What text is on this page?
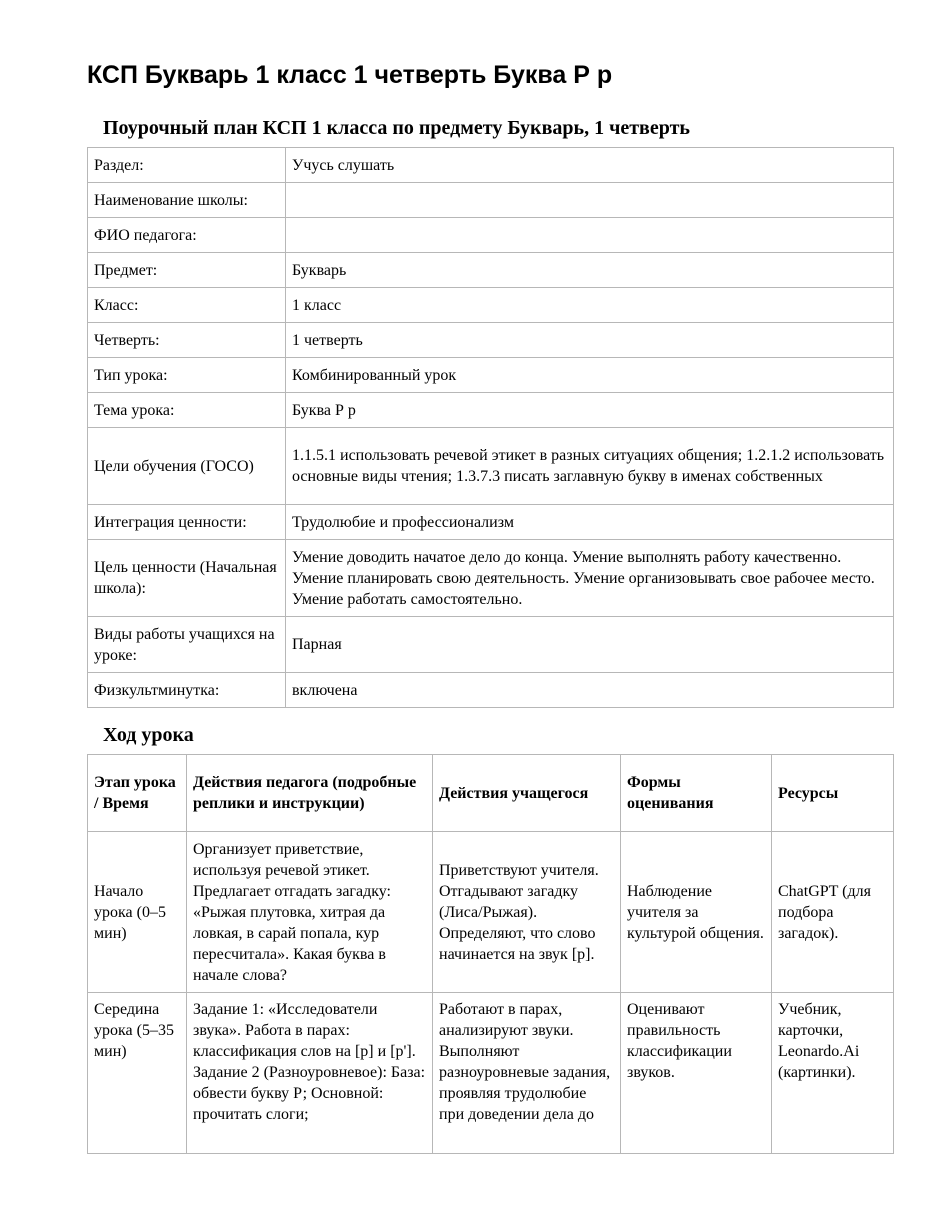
КСП Букварь 1 класс 1 четверть Буква Р р
Поурочный план КСП 1 класса по предмету Букварь, 1 четверть
Раздел:	Учусь слушать
Наименование школы:	
ФИО педагога:	
Предмет:	Букварь
Класс:	1 класс
Четверть:	1 четверть
Тип урока:	Комбинированный урок
Тема урока:	Буква Р р
Цели обучения (ГОСО)	1.1.5.1 использовать речевой этикет в разных ситуациях общения; 1.2.1.2 использовать основные виды чтения; 1.3.7.3 писать заглавную букву в именах собственных
Интеграция ценности:	Трудолюбие и профессионализм
Цель ценности (Начальная школа):	Умение доводить начатое дело до конца. Умение выполнять работу качественно. Умение планировать свою деятельность. Умение организовывать свое рабочее место. Умение работать самостоятельно.
Виды работы учащихся на уроке:	Парная
Физкультминутка:	включена
Ход урока
Этап урока / Время	Действия педагога (подробные реплики и инструкции)	Действия учащегося	Формы оценивания	Ресурсы
Начало урока (0–5 мин)	Организует приветствие, используя речевой этикет. Предлагает отгадать загадку: «Рыжая плутовка, хитрая да ловкая, в сарай попала, кур пересчитала». Какая буква в начале слова?	Приветствуют учителя. Отгадывают загадку (Лиса/Рыжая). Определяют, что слово начинается на звук [р].	Наблюдение учителя за культурой общения.	ChatGPT (для подбора загадок).
Середина урока (5–35 мин)	Задание 1: «Исследователи звука». Работа в парах: классификация слов на [р] и [р']. Задание 2 (Разноуровневое): База: обвести букву Р; Основной: прочитать слоги;	Работают в парах, анализируют звуки. Выполняют разноуровневые задания, проявляя трудолюбие при доведении дела до	Оценивают правильность классификации звуков.	Учебник, карточки, Leonardo.Ai (картинки).
